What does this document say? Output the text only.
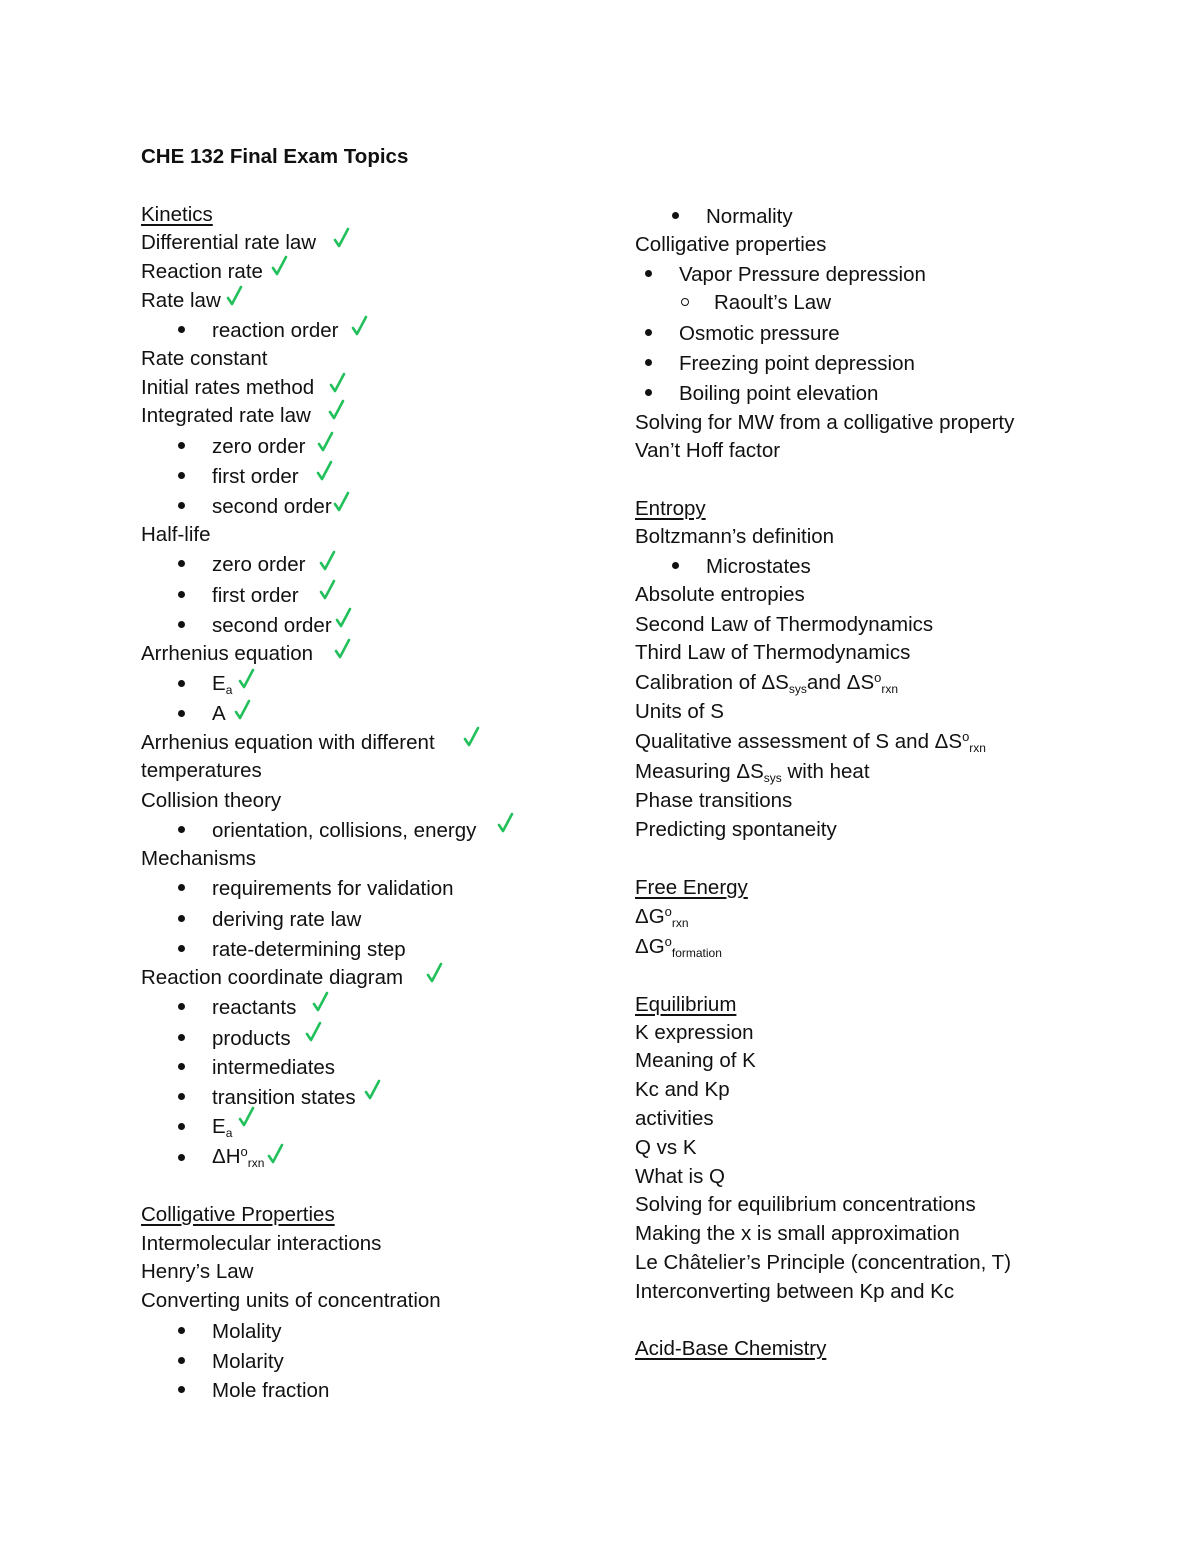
CHE 132 Final Exam Topics
Kinetics
Differential rate law
Reaction rate
Rate law
reaction order
Rate constant
Initial rates method
Integrated rate law
zero order
first order
second order
Half-life
zero order
first order
second order
Arrhenius equation
$E_a$
A
Arrhenius equation with different
temperatures
Collision theory
orientation, collisions, energy
Mechanisms
requirements for validation
deriving rate law
rate-determining step
Reaction coordinate diagram
reactants
products
intermediates
transition states
$E_a$
$\Delta H^o_{rxn}$
Colligative Properties
Intermolecular interactions
Henry’s Law
Converting units of concentration
Molality
Molarity
Mole fraction
Normality
Colligative properties
Vapor Pressure depression
Raoult’s Law
Osmotic pressure
Freezing point depression
Boiling point elevation
Solving for MW from a colligative property
Van’t Hoff factor
Entropy
Boltzmann’s definition
Microstates
Absolute entropies
Second Law of Thermodynamics
Third Law of Thermodynamics
Calibration of $\Delta S_{sys}and$ $\Delta S^o_{rxn}$
Units of S
Qualitative assessment of S and $\Delta S^o_{rxn}$
Measuring $\Delta S_{sys}$ with heat
Phase transitions
Predicting spontaneity
Free Energy
$\Delta G^o_{rxn}$
$\Delta G^o_{formation}$
Equilibrium
K expression
Meaning of K
Kc and Kp
activities
Q vs K
What is Q
Solving for equilibrium concentrations
Making the x is small approximation
Le Châtelier’s Principle (concentration, T)
Interconverting between Kp and Kc
Acid-Base Chemistry
